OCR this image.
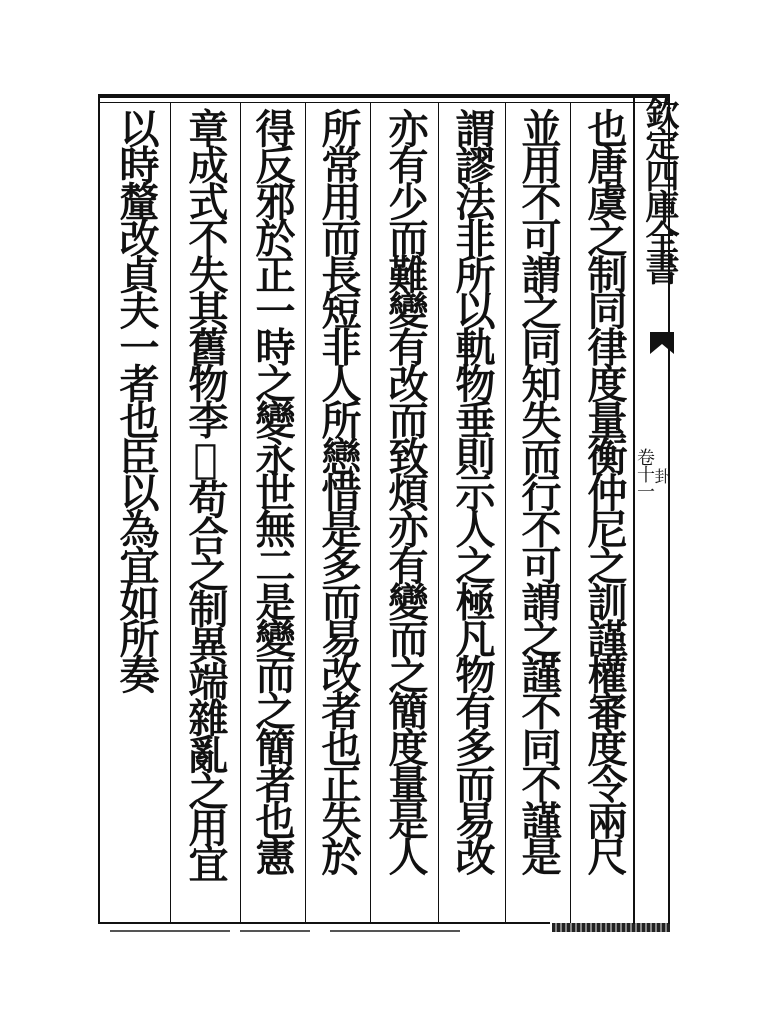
欽定四庫全書
卷十一
卦
也唐虞之制同律度量衡仲尼之訓謹權審度令兩尺
並用不可謂之同知失而行不可謂之謹不同不謹是
謂謬法非所以軌物垂則示人之極凡物有多而易改
亦有少而難變有改而致煩亦有變而之簡度量是人
所常用而長短非人所戀惜是多而易改者也正失於
得反邪於正一時之變永世無二是變而之簡者也憲
章成式不失其舊物李𢚩苟合之制異端雜亂之用宜
以時釐改貞夫一者也臣以為宜如所奏
